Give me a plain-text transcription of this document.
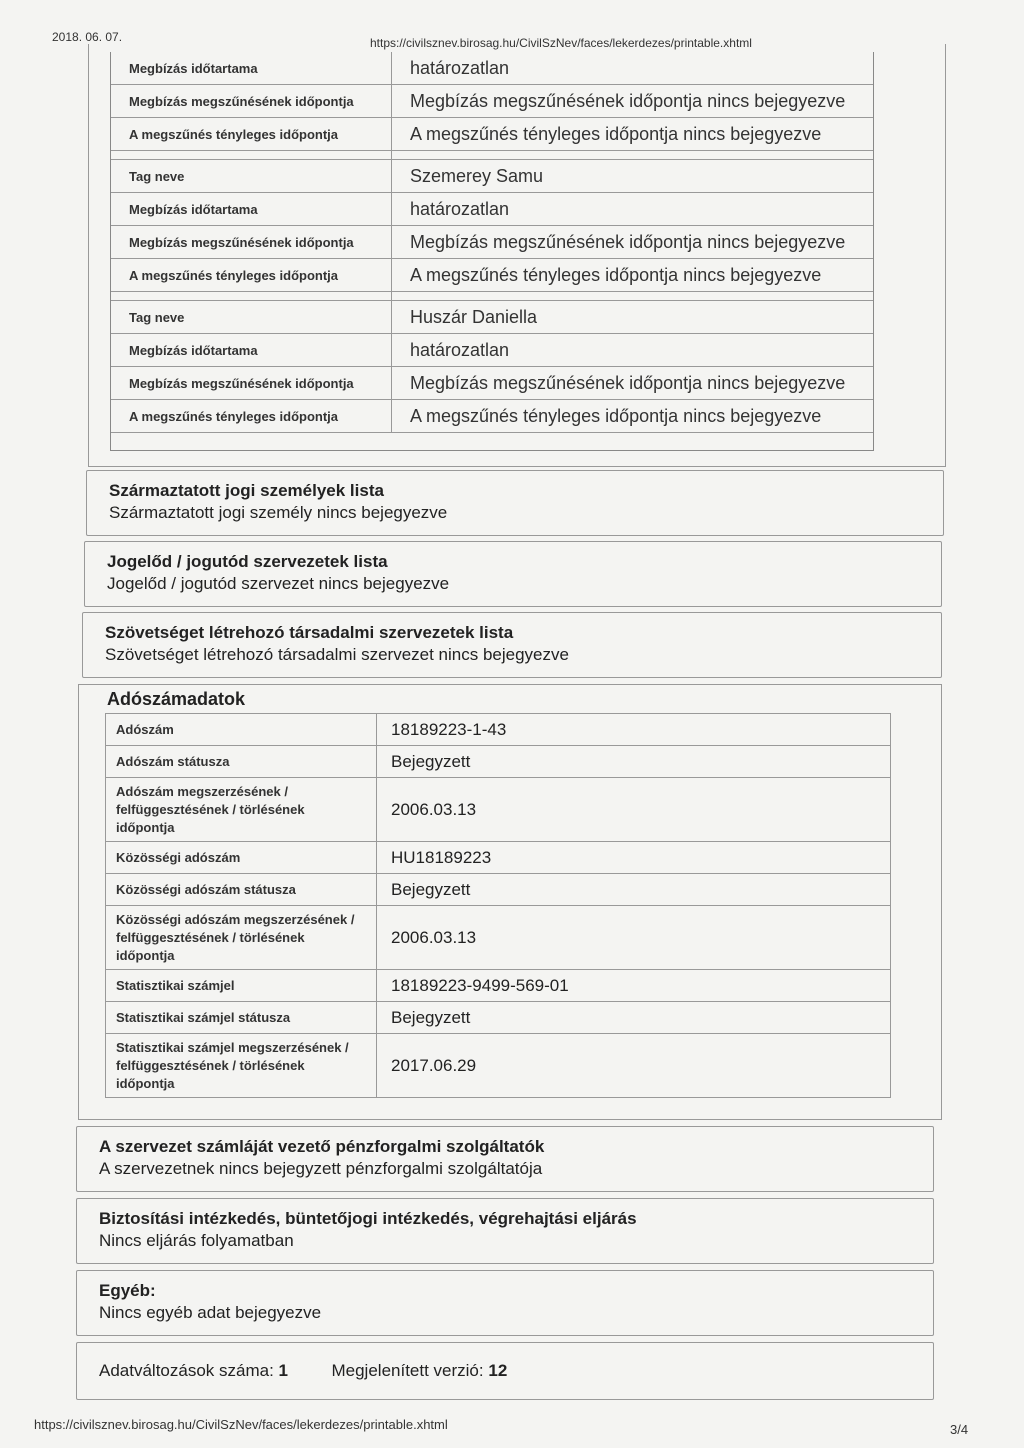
2018. 06. 07.	https://civilsznev.birosag.hu/CivilSzNev/faces/lekerdezes/printable.xhtml
Megbízás időtartama	határozatlan
Megbízás megszűnésének időpontja	Megbízás megszűnésének időpontja nincs bejegyezve
A megszűnés tényleges időpontja	A megszűnés tényleges időpontja nincs bejegyezve

Tag neve	Szemerey Samu
Megbízás időtartama	határozatlan
Megbízás megszűnésének időpontja	Megbízás megszűnésének időpontja nincs bejegyezve
A megszűnés tényleges időpontja	A megszűnés tényleges időpontja nincs bejegyezve

Tag neve	Huszár Daniella
Megbízás időtartama	határozatlan
Megbízás megszűnésének időpontja	Megbízás megszűnésének időpontja nincs bejegyezve
A megszűnés tényleges időpontja	A megszűnés tényleges időpontja nincs bejegyezve
Származtatott jogi személyek lista
Származtatott jogi személy nincs bejegyezve
Jogelőd / jogutód szervezetek lista
Jogelőd / jogutód szervezet nincs bejegyezve
Szövetséget létrehozó társadalmi szervezetek lista
Szövetséget létrehozó társadalmi szervezet nincs bejegyezve
Adószámadatok
Adószám	18189223-1-43
Adószám státusza	Bejegyzett
Adószám megszerzésének / felfüggesztésének / törlésének időpontja	2006.03.13
Közösségi adószám	HU18189223
Közösségi adószám státusza	Bejegyzett
Közösségi adószám megszerzésének / felfüggesztésének / törlésének időpontja	2006.03.13
Statisztikai számjel	18189223-9499-569-01
Statisztikai számjel státusza	Bejegyzett
Statisztikai számjel megszerzésének / felfüggesztésének / törlésének időpontja	2017.06.29
A szervezet számláját vezető pénzforgalmi szolgáltatók
A szervezetnek nincs bejegyzett pénzforgalmi szolgáltatója
Biztosítási intézkedés, büntetőjogi intézkedés, végrehajtási eljárás
Nincs eljárás folyamatban
Egyéb:
Nincs egyéb adat bejegyezve
Adatváltozások száma: 1	Megjelenített verzió: 12
https://civilsznev.birosag.hu/CivilSzNev/faces/lekerdezes/printable.xhtml	3/4
